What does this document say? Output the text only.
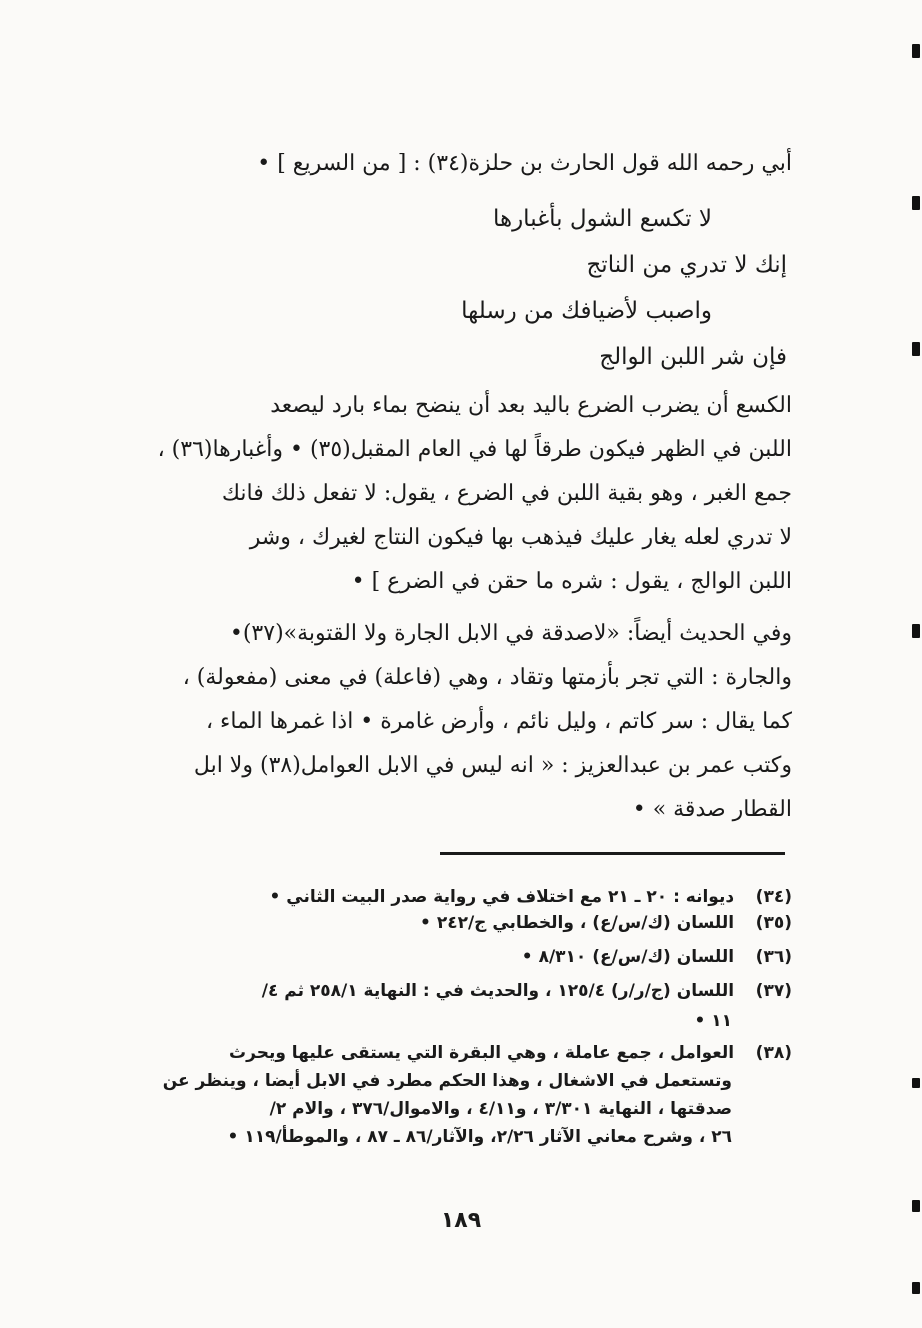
أبي رحمه الله قول الحارث بن حلزة(٣٤) : [ من السريع ] •
لا تكسع الشول بأغبارها
إنك لا تدري من الناتج
واصبب لأضيافك من رسلها
فإن شر اللبن الوالج
الكسع أن يضرب الضرع باليد بعد أن ينضح بماء بارد ليصعد
اللبن في الظهر فيكون طرقاً لها في العام المقبل(٣٥) • وأغبارها(٣٦) ،
جمع الغبر ، وهو بقية اللبن في الضرع ، يقول: لا تفعل ذلك فانك
لا تدري لعله يغار عليك فيذهب بها فيكون النتاج لغيرك ، وشر
اللبن الوالج ، يقول : شره ما حقن في الضرع ] •
وفي الحديث أيضاً: «لاصدقة في الابل الجارة ولا القتوبة»(٣٧)•
والجارة : التي تجر بأزمتها وتقاد ، وهي (فاعلة) في معنى (مفعولة) ،
كما يقال : سر كاتم ، وليل نائم ، وأرض غامرة • اذا غمرها الماء ،
وكتب عمر بن عبدالعزيز : « انه ليس في الابل العوامل(٣٨) ولا ابل
القطار صدقة » •
(٣٤) ديوانه : ٢٠ ـ ٢١ مع اختلاف في رواية صدر البيت الثاني •
(٣٥) اللسان (ك/س/ع) ، والخطابي ج/٢٤٢ •
(٣٦) اللسان (ك/س/ع) ٨/٣١٠ •
(٣٧) اللسان (ج/ر/ر) ١٢٥/٤ ، والحديث في : النهاية ٢٥٨/١ ثم ٤/
١١ •
(٣٨) العوامل ، جمع عاملة ، وهي البقرة التي يستقى عليها ويحرث
وتستعمل في الاشغال ، وهذا الحكم مطرد في الابل أيضا ، وينظر عن
صدقتها ، النهاية ٣/٣٠١ ، و٤/١١ ، والاموال/٣٧٦ ، والام ٢/
٢٦ ، وشرح معاني الآثار ٢/٢٦، والآثار/٨٦ ـ ٨٧ ، والموطأ/١١٩ •
١٨٩
